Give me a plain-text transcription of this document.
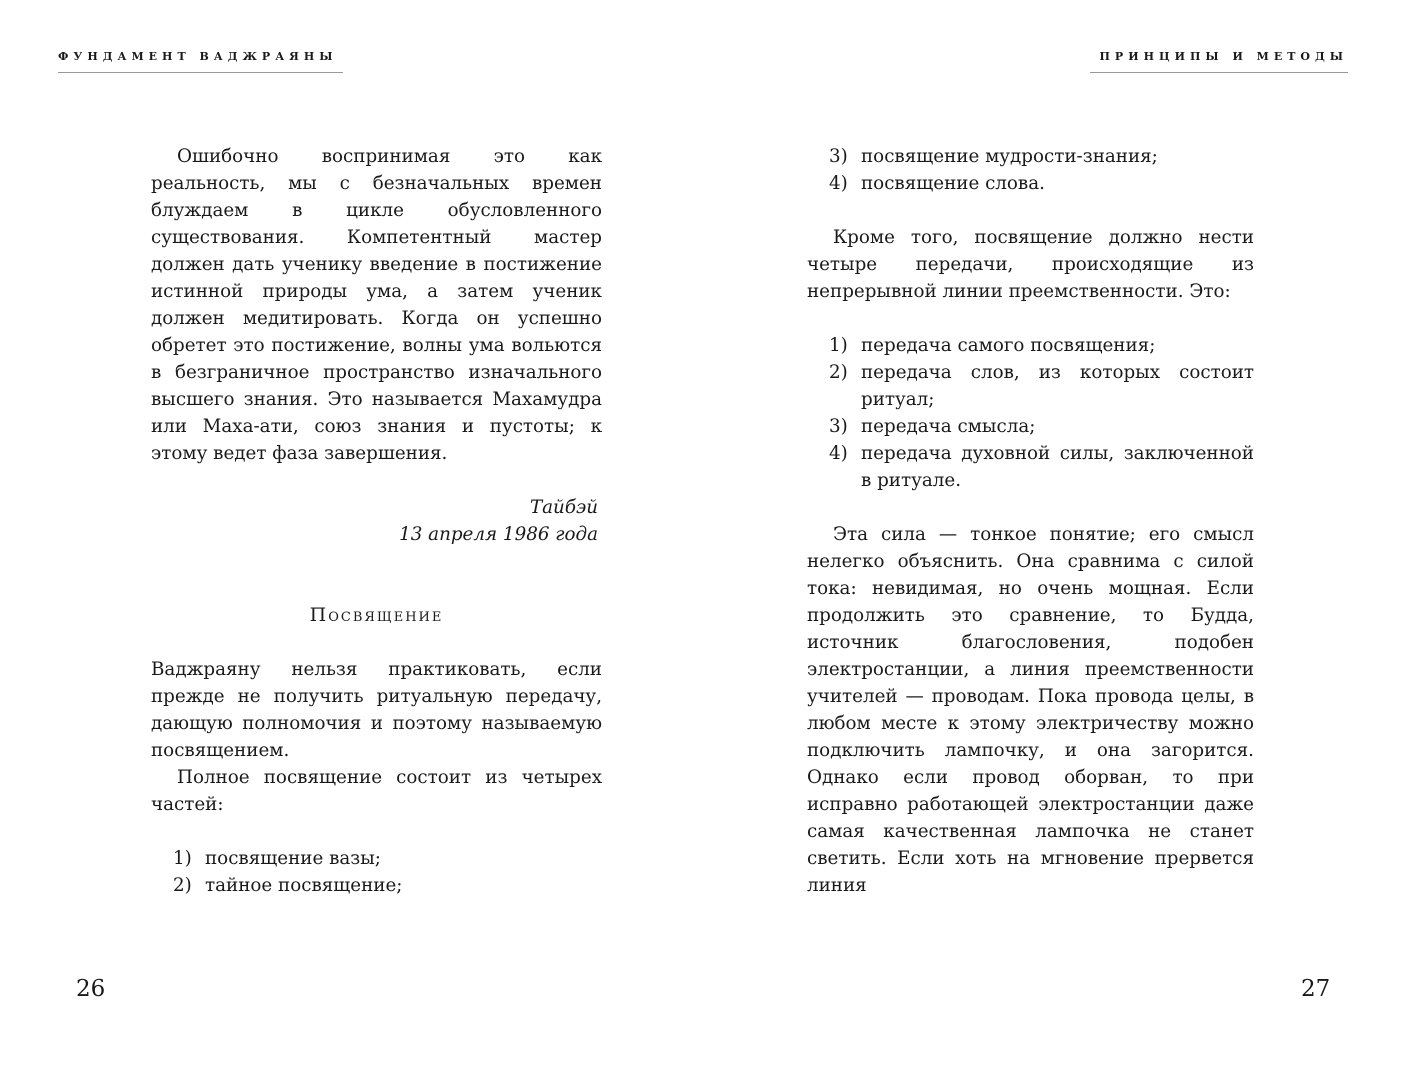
ФУНДАМЕНТ ВАДЖРАЯНЫ

Ошибочно воспринимая это как реальность, мы с безначальных времен блуждаем в цикле обусловленного существования. Компетентный мастер должен дать ученику введение в постижение истинной природы ума, а затем ученик должен медитировать. Когда он успешно обретет это постижение, волны ума вольются в безграничное пространство изначального высшего знания. Это называется Махамудра или Маха-ати, союз знания и пустоты; к этому ведет фаза завершения.

Тайбэй
13 апреля 1986 года

Посвящение

Ваджраяну нельзя практиковать, если прежде не получить ритуальную передачу, дающую полномочия и поэтому называемую посвящением.

Полное посвящение состоит из четырех частей:

1) посвящение вазы;
2) тайное посвящение;
26
ПРИНЦИПЫ И МЕТОДЫ
3) посвящение мудрости-знания;
4) посвящение слова.

Кроме того, посвящение должно нести четыре передачи, происходящие из непрерывной линии преемственности. Это:

1) передача самого посвящения;
2) передача слов, из которых состоит ритуал;
3) передача смысла;
4) передача духовной силы, заключенной в ритуале.

Эта сила — тонкое понятие; его смысл нелегко объяснить. Она сравнима с силой тока: невидимая, но очень мощная. Если продолжить это сравнение, то Будда, источник благословения, подобен электростанции, а линия преемственности учителей — проводам. Пока провода целы, в любом месте к этому электричеству можно подключить лампочку, и она загорится. Однако если провод оборван, то при исправно работающей электростанции даже самая качественная лампочка не станет светить. Если хоть на мгновение прервется линия

27
